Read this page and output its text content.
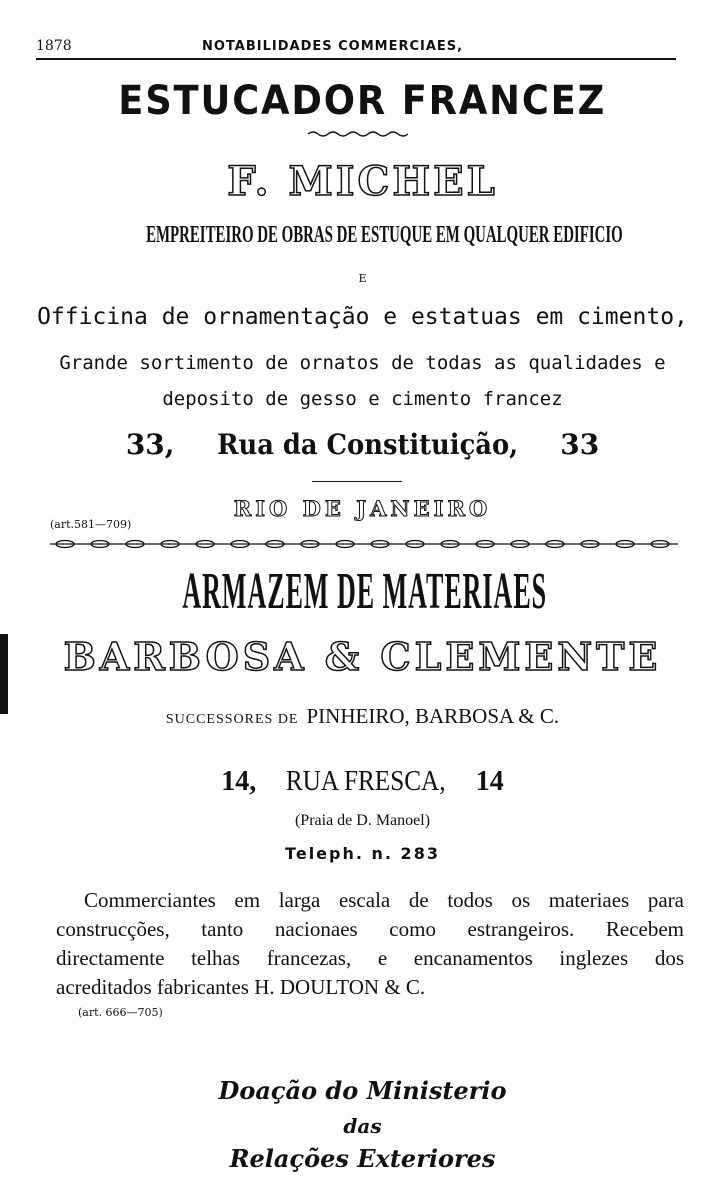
1878	NOTABILIDADES COMMERCIAES,
ESTUCADOR FRANCEZ
F. MICHEL
EMPREITEIRO DE OBRAS DE ESTUQUE EM QUALQUER EDIFICIO
E
Officina de ornamentação e estatuas em cimento,
Grande sortimento de ornatos de todas as qualidades e
deposito de gesso e cimento francez
33, Rua da Constituição, 33
RIO DE JANEIRO
(art.581—709)
ARMAZEM DE MATERIAES
BARBOSA & CLEMENTE
SUCCESSORES DE PINHEIRO, BARBOSA & C.
14, RUA FRESCA, 14
(Praia de D. Manoel)
Teleph. n. 283
Commerciantes em larga escala de todos os materiaes para
construcções, tanto nacionaes como estrangeiros. Recebem
directamente telhas francezas, e encanamentos inglezes dos
acreditados fabricantes H. DOULTON & C.
(art. 666—705)
Doação do Ministerio
das
Relações Exteriores
